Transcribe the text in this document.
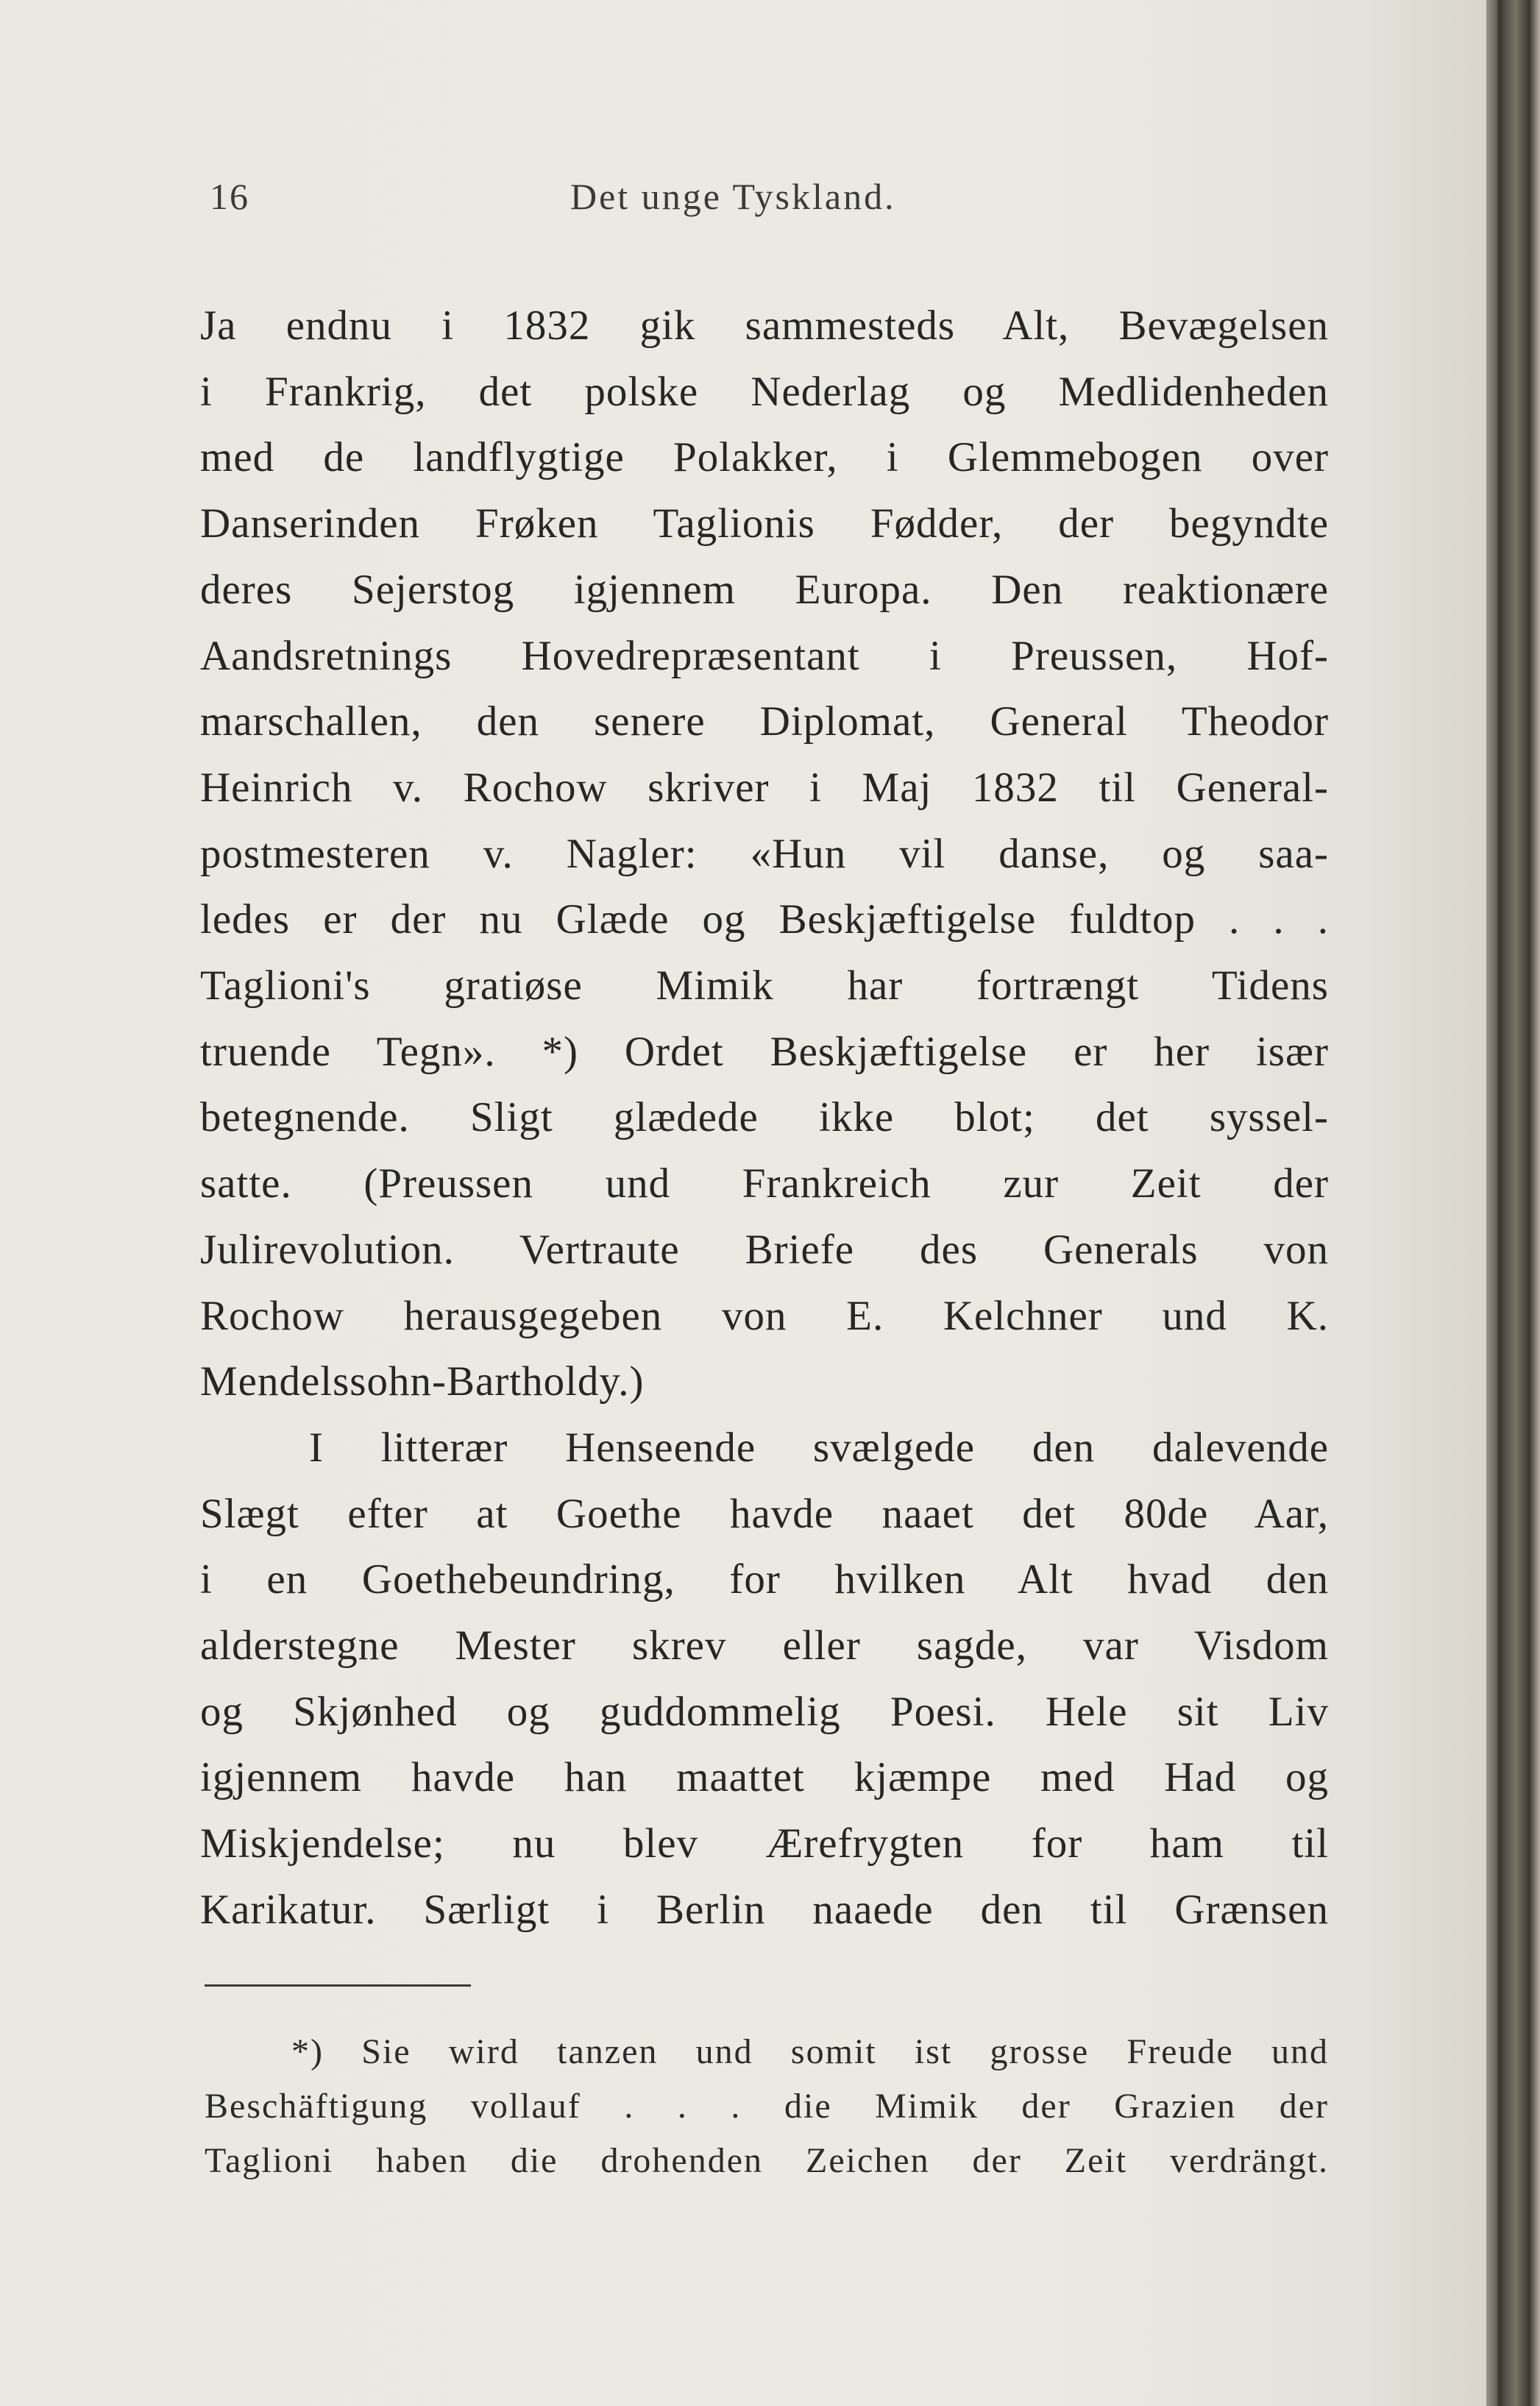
16	Det unge Tyskland.
Ja endnu i 1832 gik sammesteds Alt, Bevægelsen
i Frankrig, det polske Nederlag og Medlidenheden
med de landflygtige Polakker, i Glemmebogen over
Danserinden Frøken Taglionis Fødder, der begyndte
deres Sejerstog igjennem Europa. Den reaktionære
Aandsretnings Hovedrepræsentant i Preussen, Hof-
marschallen, den senere Diplomat, General Theodor
Heinrich v. Rochow skriver i Maj 1832 til General-
postmesteren v. Nagler: «Hun vil danse, og saa-
ledes er der nu Glæde og Beskjæftigelse fuldtop . . .
Taglioni's gratiøse Mimik har fortrængt Tidens
truende Tegn». *) Ordet Beskjæftigelse er her især
betegnende. Sligt glædede ikke blot; det syssel-
satte. (Preussen und Frankreich zur Zeit der
Julirevolution. Vertraute Briefe des Generals von
Rochow herausgegeben von E. Kelchner und K.
Mendelssohn-Bartholdy.)
I litterær Henseende svælgede den dalevende
Slægt efter at Goethe havde naaet det 80de Aar,
i en Goethebeundring, for hvilken Alt hvad den
alderstegne Mester skrev eller sagde, var Visdom
og Skjønhed og guddommelig Poesi. Hele sit Liv
igjennem havde han maattet kjæmpe med Had og
Miskjendelse; nu blev Ærefrygten for ham til
Karikatur. Særligt i Berlin naaede den til Grænsen
*) Sie wird tanzen und somit ist grosse Freude und
Beschäftigung vollauf . . . die Mimik der Grazien der
Taglioni haben die drohenden Zeichen der Zeit verdrängt.
